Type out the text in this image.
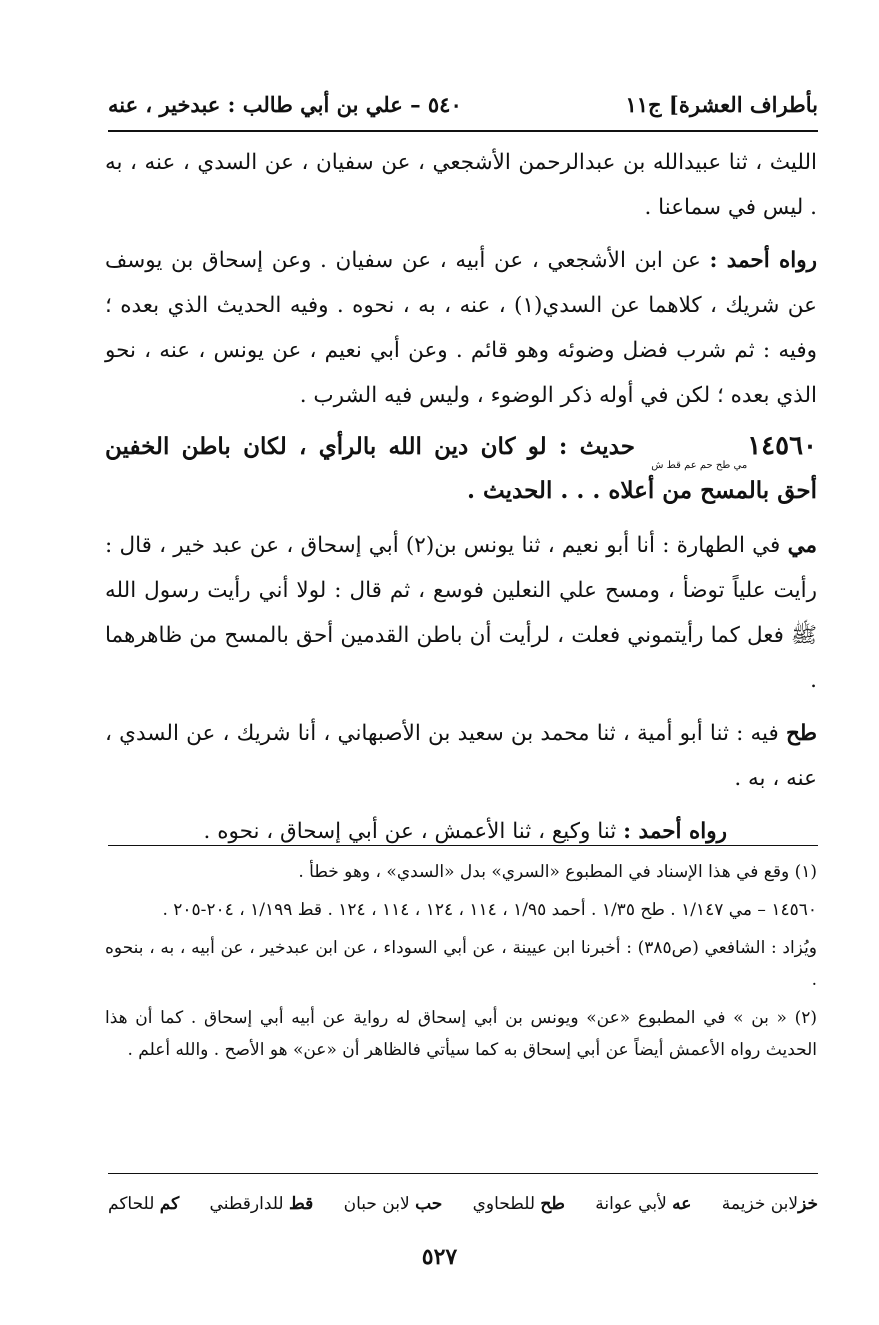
بأطراف العشرة] ج١١
٥٤٠ – علي بن أبي طالب : عبدخير ، عنه

الليث ، ثنا عبيدالله بن عبدالرحمن الأشجعي ، عن سفيان ، عن السدي ، عنه ، به . ليس في سماعنا .

رواه أحمد : عن ابن الأشجعي ، عن أبيه ، عن سفيان . وعن إسحاق بن يوسف عن شريك ، كلاهما عن السدي(١) ، عنه ، به ، نحوه . وفيه الحديث الذي بعده ؛ وفيه : ثم شرب فضل وضوئه وهو قائم . وعن أبي نعيم ، عن يونس ، عنه ، نحو الذي بعده ؛ لكن في أوله ذكر الوضوء ، وليس فيه الشرب .

١٤٥٦٠مي طح حم عم قط ش حديث : لو كان دين الله بالرأي ، لكان باطن الخفين أحق بالمسح من أعلاه . . . الحديث .

مي في الطهارة : أنا أبو نعيم ، ثنا يونس بن(٢) أبي إسحاق ، عن عبد خير ، قال : رأيت علياً توضأ ، ومسح علي النعلين فوسع ، ثم قال : لولا أني رأيت رسول الله ﷺ فعل كما رأيتموني فعلت ، لرأيت أن باطن القدمين أحق بالمسح من ظاهرهما .

طح فيه : ثنا أبو أمية ، ثنا محمد بن سعيد بن الأصبهاني ، أنا شريك ، عن السدي ، عنه ، به .

رواه أحمد : ثنا وكيع ، ثنا الأعمش ، عن أبي إسحاق ، نحوه .

(١) وقع في هذا الإسناد في المطبوع «السري» بدل «السدي» ، وهو خطأ .

١٤٥٦٠ – مي ١/١٤٧ . طح ١/٣٥ . أحمد ١/٩٥ ، ١١٤ ، ١٢٤ ، ١١٤ ، ١٢٤ . قط ١/١٩٩ ، ٢٠٤-٢٠٥ .

ويُزاد : الشافعي (ص٣٨٥) : أخبرنا ابن عيينة ، عن أبي السوداء ، عن ابن عبدخير ، عن أبيه ، به ، بنحوه .

(٢) « بن » في المطبوع «عن» ويونس بن أبي إسحاق له رواية عن أبيه أبي إسحاق . كما أن هذا الحديث رواه الأعمش أيضاً عن أبي إسحاق به كما سيأتي فالظاهر أن «عن» هو الأصح . والله أعلم .

خزلابن خزيمة
عه لأبي عوانة
طح للطحاوي
حب لابن حبان
قط للدارقطني
كم للحاكم
٥٢٧
